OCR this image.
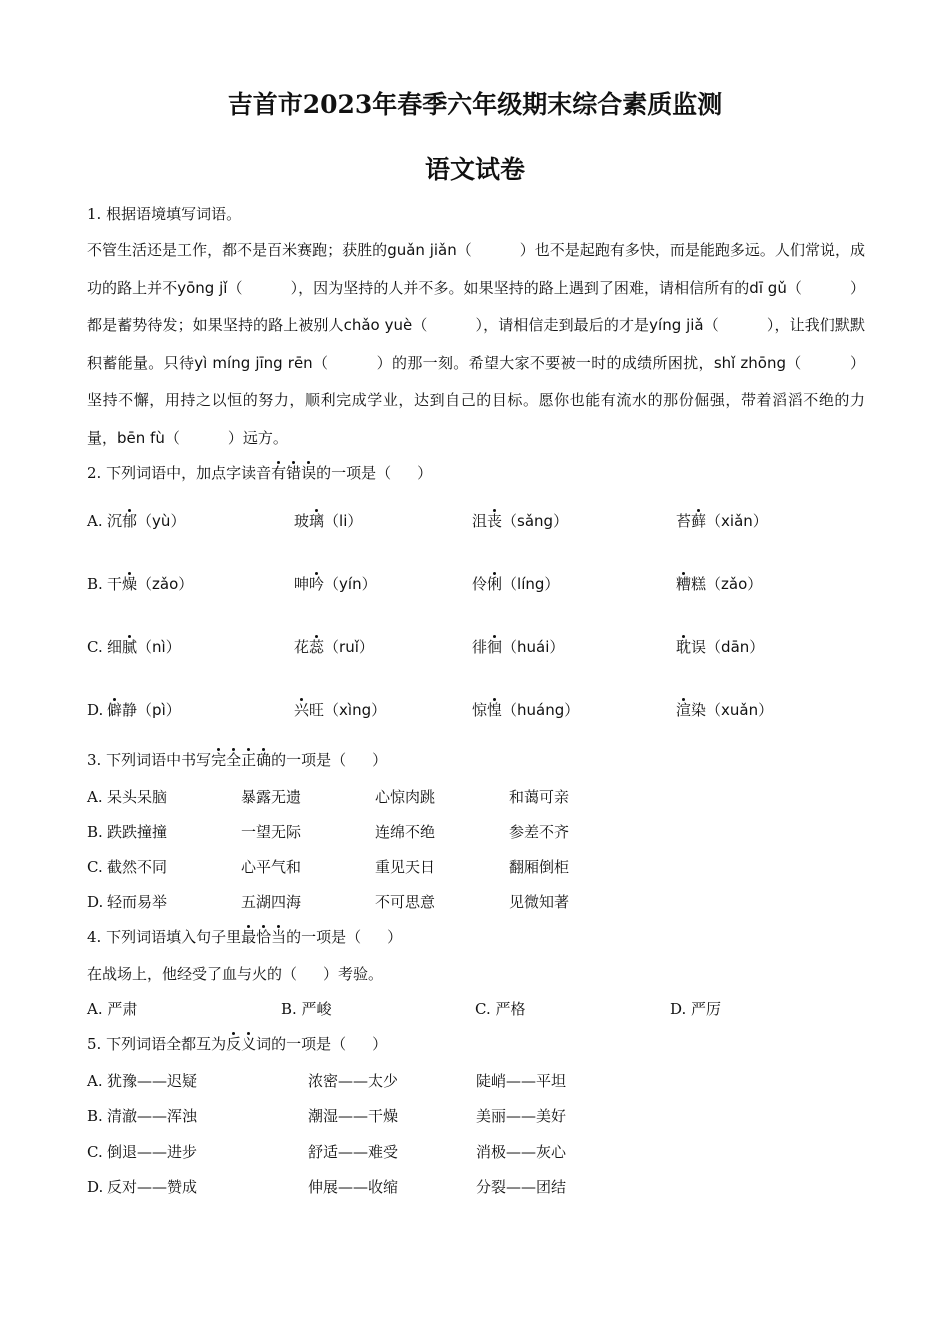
吉首市2023年春季六年级期末综合素质监测
语文试卷
1. 根据语境填写词语。
不管生活还是工作，都不是百米赛跑；获胜的guǎn jiǎn（	）也不是起跑有多快，而是能跑多远。人们常说，成功的路上并不yōng jǐ（	），因为坚持的人并不多。如果坚持的路上遇到了困难，请相信所有的dī gǔ（	）都是蓄势待发；如果坚持的路上被别人chǎo yuè（	），请相信走到最后的才是yíng jiǎ（	），让我们默默积蓄能量。只待yì míng jīng rēn（	）的那一刻。希望大家不要被一时的成绩所困扰，shǐ zhōng（	）坚持不懈，用持之以恒的努力，顺利完成学业，达到自己的目标。愿你也能有流水的那份倔强，带着滔滔不绝的力量，bēn fù（	）远方。
2. 下列词语中，加点字读音有错误的一项是（ ）
A. 沉郁（yù）	玻璃（li）	沮丧（sǎng）	苔藓（xiǎn）
B. 干燥（zǎo）	呻吟（yín）	伶俐（líng）	糟糕（zǎo）
C. 细腻（nì）	花蕊（ruǐ）	徘徊（huái）	耽误（dān）
D. 僻静（pì）	兴旺（xìng）	惊惶（huáng）	渲染（xuǎn）
3. 下列词语中书写完全正确的一项是（ ）
A. 呆头呆脑	暴露无遗	心惊肉跳	和蔼可亲
B. 跌跌撞撞	一望无际	连绵不绝	参差不齐
C. 截然不同	心平气和	重见天日	翻厢倒柜
D. 轻而易举	五湖四海	不可思意	见微知著
4. 下列词语填入句子里最恰当的一项是（ ）
在战场上，他经受了血与火的（ ）考验。
A. 严肃	B. 严峻	C. 严格	D. 严厉
5. 下列词语全都互为反义词的一项是（ ）
A. 犹豫——迟疑	浓密——太少	陡峭——平坦
B. 清澈——浑浊	潮湿——干燥	美丽——美好
C. 倒退——进步	舒适——难受	消极——灰心
D. 反对——赞成	伸展——收缩	分裂——团结
